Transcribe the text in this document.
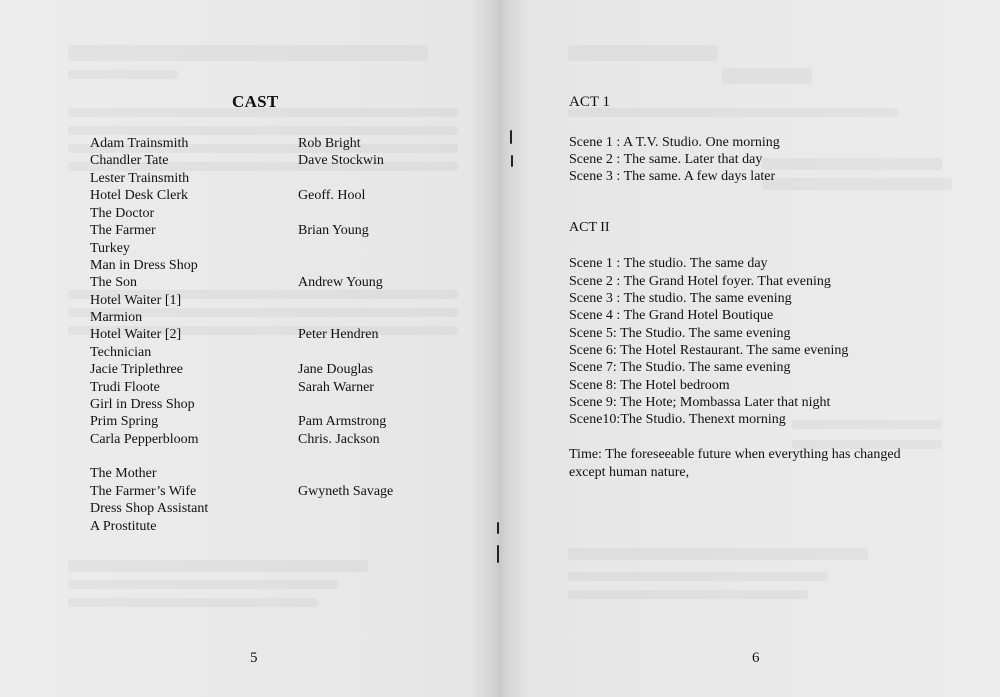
CAST
Adam Trainsmith	Rob Bright
Chandler Tate	Dave Stockwin
Lester Trainsmith
Hotel Desk Clerk	Geoff. Hool
The Doctor
The Farmer	Brian Young
Turkey
Man in Dress Shop
The Son	Andrew Young
Hotel Waiter [1]
Marmion
Hotel Waiter [2]	Peter Hendren
Technician
Jacie Triplethree	Jane Douglas
Trudi Floote	Sarah Warner
Girl in Dress Shop
Prim Spring	Pam Armstrong
Carla Pepperbloom	Chris. Jackson
The Mother
The Farmer’s Wife	Gwyneth Savage
Dress Shop Assistant
A Prostitute
5
ACT 1
Scene 1 : A T.V. Studio. One morning
Scene 2 : The same. Later that day
Scene 3 : The same. A few days later
ACT II
Scene 1 : The studio. The same day
Scene 2 : The Grand Hotel foyer. That evening
Scene 3 : The studio. The same evening
Scene 4 : The Grand Hotel Boutique
Scene 5: The Studio. The same evening
Scene 6: The Hotel Restaurant. The same evening
Scene 7: The Studio. The same evening
Scene 8: The Hotel bedroom
Scene 9: The Hote; Mombassa Later that night
Scene10:The Studio. Thenext morning
Time: The foreseeable future when everything has changed except human nature,
6
